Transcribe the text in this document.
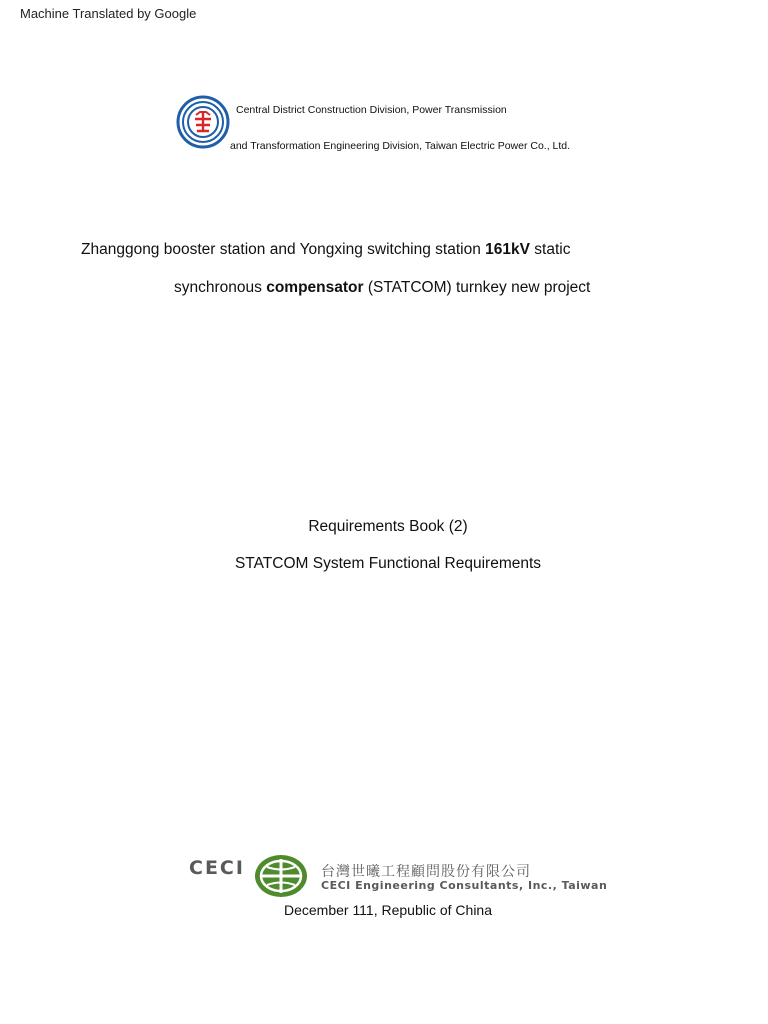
Machine Translated by Google
Central District Construction Division, Power Transmission
and Transformation Engineering Division, Taiwan Electric Power Co., Ltd.
Zhanggong booster station and Yongxing switching station 161kV static
synchronous compensator (STATCOM) turnkey new project
Requirements Book (2)
STATCOM System Functional Requirements
CECI	台灣世曦工程顧問股份有限公司
CECI Engineering Consultants, Inc., Taiwan
December 111, Republic of China
